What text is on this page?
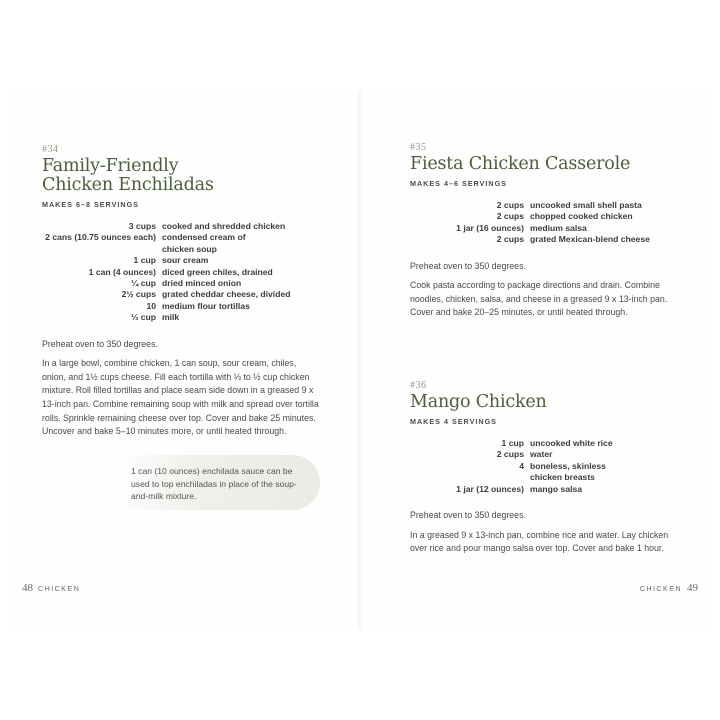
#34
Family-Friendly
Chicken Enchiladas
MAKES 6–8 SERVINGS
3 cups cooked and shredded chicken
2 cans (10.75 ounces each) condensed cream of chicken soup
1 cup sour cream
1 can (4 ounces) diced green chiles, drained
¼ cup dried minced onion
2½ cups grated cheddar cheese, divided
10 medium flour tortillas
⅓ cup milk

Preheat oven to 350 degrees.

In a large bowl, combine chicken, 1 can soup, sour cream, chiles, onion, and 1½ cups cheese. Fill each tortilla with ⅓ to ½ cup chicken mixture. Roll filled tortillas and place seam side down in a greased 9 x 13-inch pan. Combine remaining soup with milk and spread over tortilla rolls. Sprinkle remaining cheese over top. Cover and bake 25 minutes. Uncover and bake 5–10 minutes more, or until heated through.

1 can (10 ounces) enchilada sauce can be used to top enchiladas in place of the soup-and-milk mixture.
48 CHICKEN
#35
Fiesta Chicken Casserole
MAKES 4–6 SERVINGS
2 cups uncooked small shell pasta
2 cups chopped cooked chicken
1 jar (16 ounces) medium salsa
2 cups grated Mexican-blend cheese

Preheat oven to 350 degrees.

Cook pasta according to package directions and drain. Combine noodles, chicken, salsa, and cheese in a greased 9 x 13-inch pan. Cover and bake 20–25 minutes, or until heated through.

#36
Mango Chicken
MAKES 4 SERVINGS
1 cup uncooked white rice
2 cups water
4 boneless, skinless chicken breasts
1 jar (12 ounces) mango salsa

Preheat oven to 350 degrees.

In a greased 9 x 13-inch pan, combine rice and water. Lay chicken over rice and pour mango salsa over top. Cover and bake 1 hour.

CHICKEN 49
